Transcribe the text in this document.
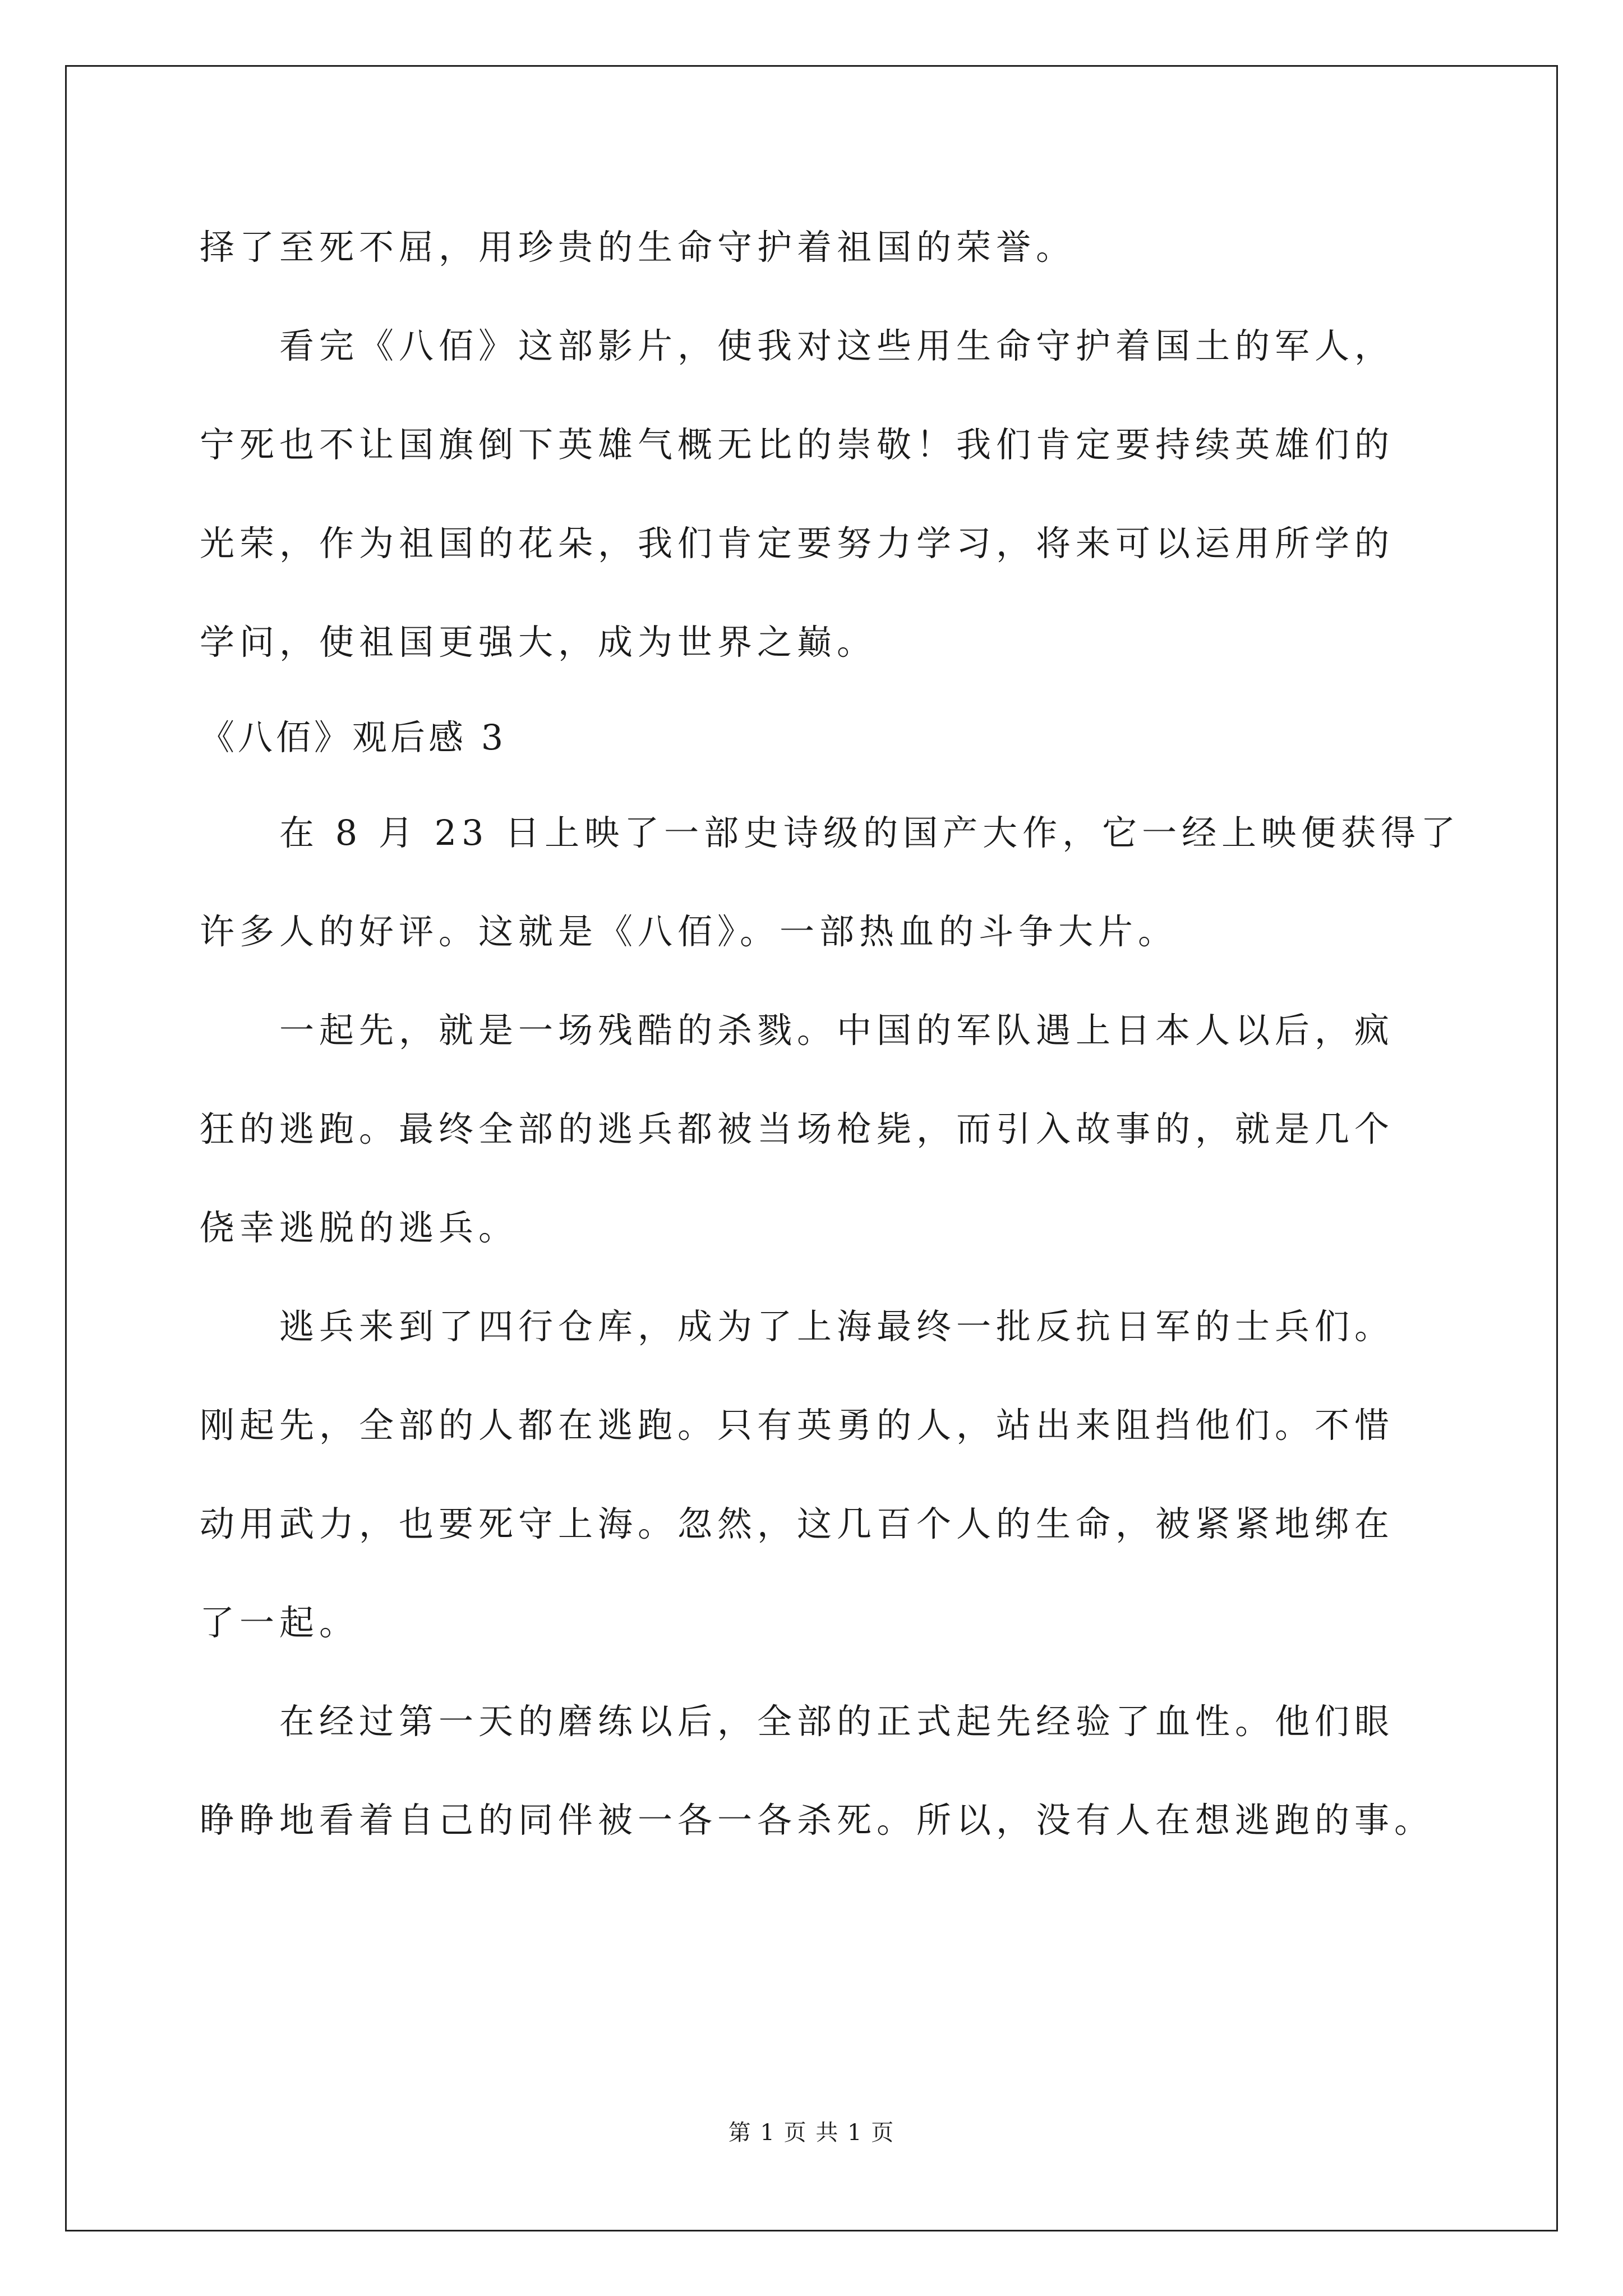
择了至死不屈，用珍贵的生命守护着祖国的荣誉。
看完《八佰》这部影片，使我对这些用生命守护着国土的军人，
宁死也不让国旗倒下英雄气概无比的崇敬！我们肯定要持续英雄们的
光荣，作为祖国的花朵，我们肯定要努力学习，将来可以运用所学的
学问，使祖国更强大，成为世界之巅。
《八佰》观后感 3
在 8 月 23 日上映了一部史诗级的国产大作，它一经上映便获得了
许多人的好评。这就是《八佰》。一部热血的斗争大片。
一起先，就是一场残酷的杀戮。中国的军队遇上日本人以后，疯
狂的逃跑。最终全部的逃兵都被当场枪毙，而引入故事的，就是几个
侥幸逃脱的逃兵。
逃兵来到了四行仓库，成为了上海最终一批反抗日军的士兵们。
刚起先，全部的人都在逃跑。只有英勇的人，站出来阻挡他们。不惜
动用武力，也要死守上海。忽然，这几百个人的生命，被紧紧地绑在
了一起。
在经过第一天的磨练以后，全部的正式起先经验了血性。他们眼
睁睁地看着自己的同伴被一各一各杀死。所以，没有人在想逃跑的事。
第 1 页 共 1 页
